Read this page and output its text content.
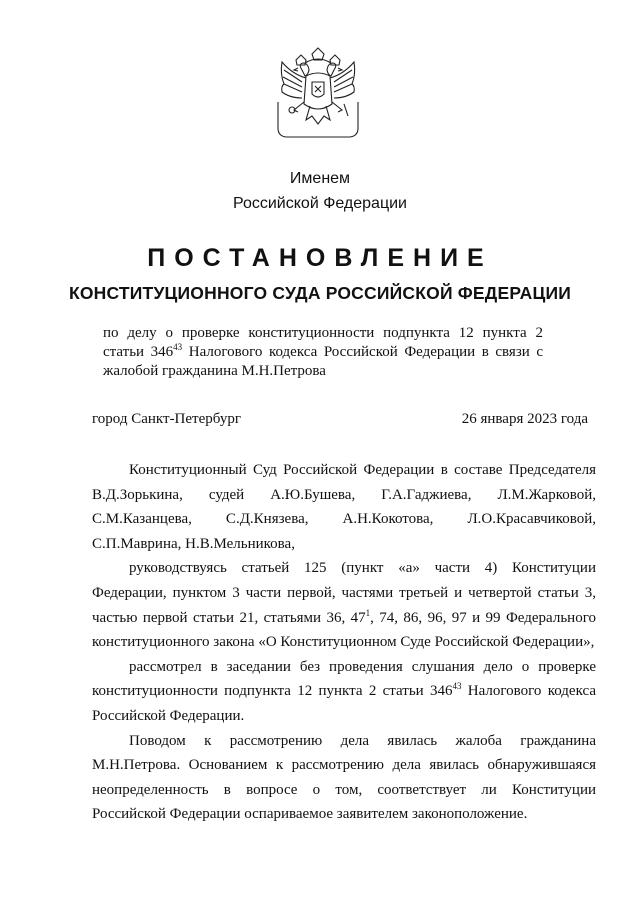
Именем
Российской Федерации
ПОСТАНОВЛЕНИЕ
КОНСТИТУЦИОННОГО СУДА РОССИЙСКОЙ ФЕДЕРАЦИИ

по делу о проверке конституционности подпункта 12 пункта 2

статьи $346^{43}$ Налогового кодекса Российской Федерации в связи с

жалобой гражданина М.Н.Петрова

город Санкт-Петербург	26 января 2023 года
Конституционный Суд Российской Федерации в составе Председателя
В.Д.Зорькина, судей А.Ю.Бушева, Г.А.Гаджиева, Л.М.Жарковой,
С.М.Казанцева, С.Д.Князева, А.Н.Кокотова, Л.О.Красавчиковой,
С.П.Маврина, Н.В.Мельникова,
руководствуясь статьей 125 (пункт «а» части 4) Конституции
Федерации, пунктом 3 части первой, частями третьей и четвертой статьи 3,
частью первой статьи 21, статьями 36, $47^1$, 74, 86, 96, 97 и 99 Федерального
конституционного закона «О Конституционном Суде Российской Федерации»,
рассмотрел в заседании без проведения слушания дело о проверке
конституционности подпункта 12 пункта 2 статьи $346^{43}$ Налогового кодекса
Российской Федерации.
Поводом к рассмотрению дела явилась жалоба гражданина
М.Н.Петрова. Основанием к рассмотрению дела явилась обнаружившаяся
неопределенность в вопросе о том, соответствует ли Конституции
Российской Федерации оспариваемое заявителем законоположение.
